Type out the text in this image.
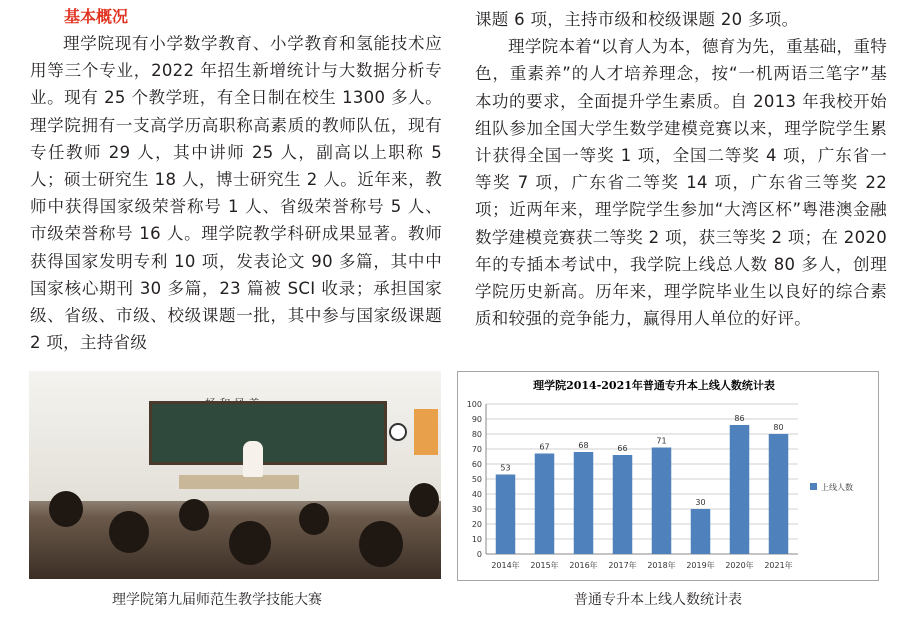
基本概况

理学院现有小学数学教育、小学教育和氢能技术应用等三个专业，2022 年招生新增统计与大数据分析专业。现有 25 个教学班，有全日制在校生 1300 多人。理学院拥有一支高学历高职称高素质的教师队伍，现有专任教师 29 人，其中讲师 25 人，副高以上职称 5 人；硕士研究生 18 人，博士研究生 2 人。近年来，教师中获得国家级荣誉称号 1 人、省级荣誉称号 5 人、市级荣誉称号 16 人。理学院教学科研成果显著。教师获得国家发明专利 10 项，发表论文 90 多篇，其中中国家核心期刊 30 多篇，23 篇被 SCI 收录；承担国家级、省级、市级、校级课题一批，其中参与国家级课题 2 项，主持省级

课题 6 项，主持市级和校级课题 20 多项。

理学院本着“以育人为本，德育为先，重基础，重特色，重素养”的人才培养理念，按“一机两语三笔字”基本功的要求，全面提升学生素质。自 2013 年我校开始组队参加全国大学生数学建模竞赛以来，理学院学生累计获得全国一等奖 1 项，全国二等奖 4 项，广东省一等奖 7 项，广东省二等奖 14 项，广东省三等奖 22 项；近两年来，理学院学生参加“大湾区杯”粤港澳金融数学建模竞赛获二等奖 2 项，获三等奖 2 项；在 2020 年的专插本考试中，我学院上线总人数 80 多人，创理学院历史新高。历年来，理学院毕业生以良好的综合素质和较强的竞争能力，赢得用人单位的好评。

理学院第九届师范生教学技能大赛
理学院2014-2021年普通专升本上线人数统计表
0
10
20
30
40
50
60
70
80
90
100
53
2014年
67
2015年
68
2016年
66
2017年
71
2018年
30
2019年
86
2020年
80
2021年
上线人数
普通专升本上线人数统计表
